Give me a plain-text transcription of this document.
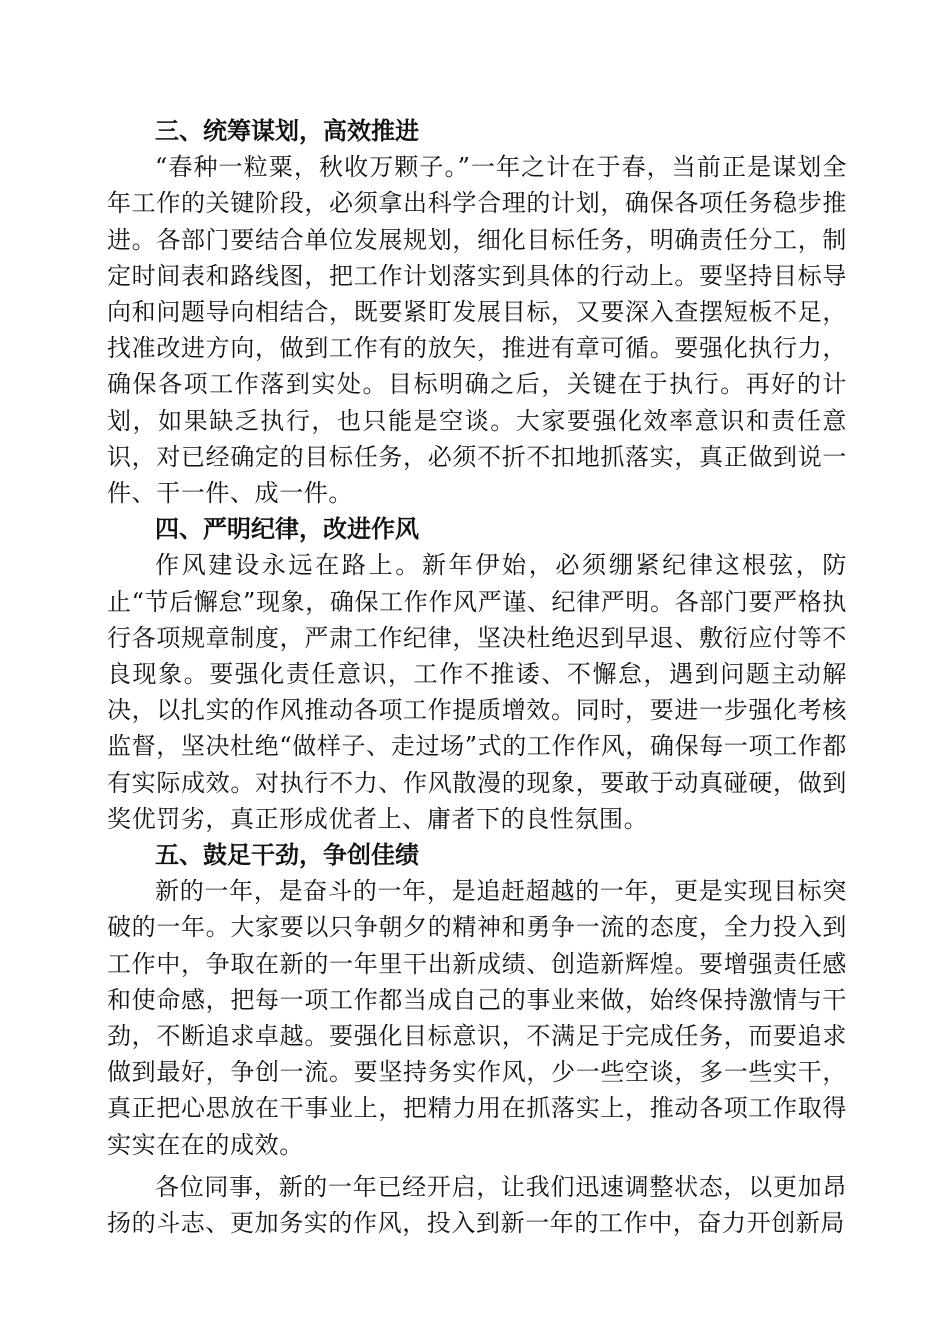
三、统筹谋划，高效推进

“春种一粒粟，秋收万颗子。”一年之计在于春，当前正是谋划全年工作的关键阶段，必须拿出科学合理的计划，确保各项任务稳步推进。各部门要结合单位发展规划，细化目标任务，明确责任分工，制定时间表和路线图，把工作计划落实到具体的行动上。要坚持目标导向和问题导向相结合，既要紧盯发展目标，又要深入查摆短板不足，找准改进方向，做到工作有的放矢，推进有章可循。要强化执行力，确保各项工作落到实处。目标明确之后，关键在于执行。再好的计划，如果缺乏执行，也只能是空谈。大家要强化效率意识和责任意识，对已经确定的目标任务，必须不折不扣地抓落实，真正做到说一件、干一件、成一件。

四、严明纪律，改进作风

作风建设永远在路上。新年伊始，必须绷紧纪律这根弦，防止“节后懈怠”现象，确保工作作风严谨、纪律严明。各部门要严格执行各项规章制度，严肃工作纪律，坚决杜绝迟到早退、敷衍应付等不良现象。要强化责任意识，工作不推诿、不懈怠，遇到问题主动解决，以扎实的作风推动各项工作提质增效。同时，要进一步强化考核监督，坚决杜绝“做样子、走过场”式的工作作风，确保每一项工作都有实际成效。对执行不力、作风散漫的现象，要敢于动真碰硬，做到奖优罚劣，真正形成优者上、庸者下的良性氛围。

五、鼓足干劲，争创佳绩

新的一年，是奋斗的一年，是追赶超越的一年，更是实现目标突破的一年。大家要以只争朝夕的精神和勇争一流的态度，全力投入到工作中，争取在新的一年里干出新成绩、创造新辉煌。要增强责任感和使命感，把每一项工作都当成自己的事业来做，始终保持激情与干劲，不断追求卓越。要强化目标意识，不满足于完成任务，而要追求做到最好，争创一流。要坚持务实作风，少一些空谈，多一些实干，真正把心思放在干事业上，把精力用在抓落实上，推动各项工作取得实实在在的成效。

各位同事，新的一年已经开启，让我们迅速调整状态，以更加昂扬的斗志、更加务实的作风，投入到新一年的工作中，奋力开创新局
